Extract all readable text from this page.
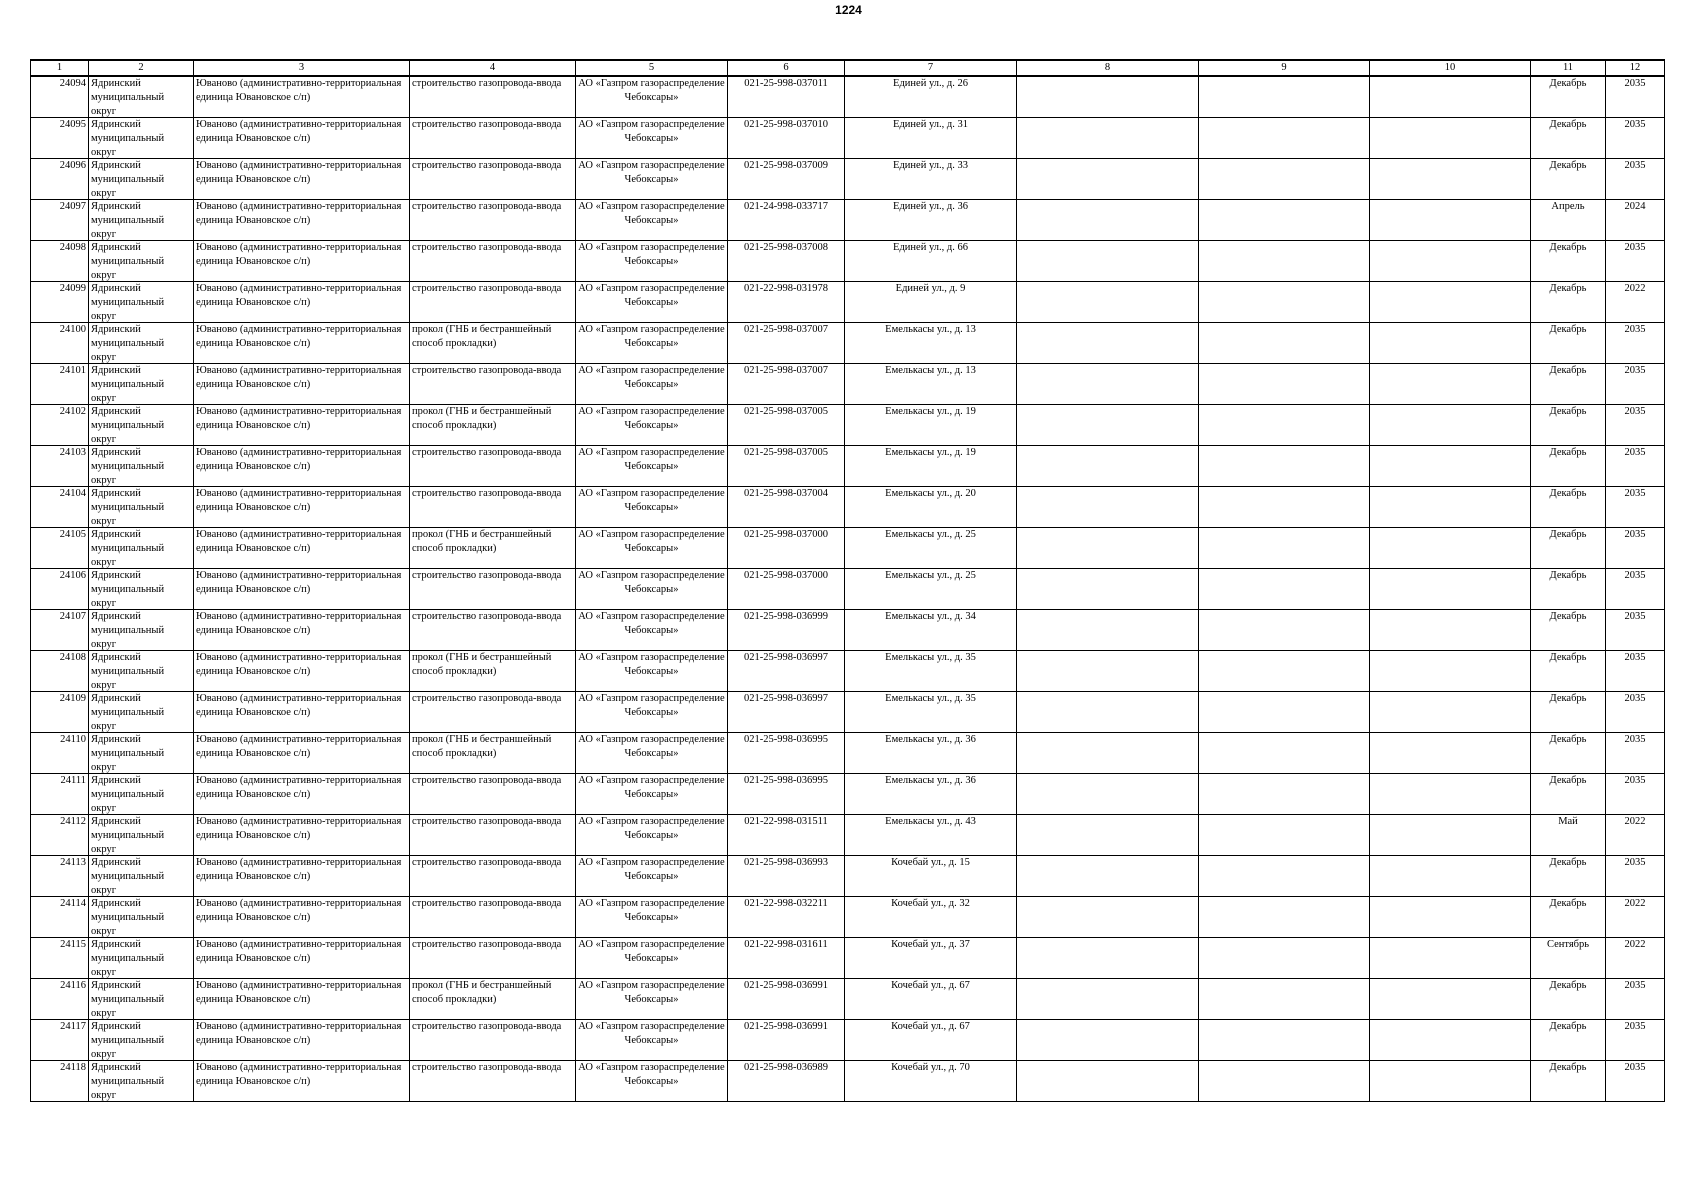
1224
1	2	3	4	5	6	7	8	9	10	11	12

24094	Ядринский муниципальный округ	Юваново (административно-территориальная единица Ювановское с/п)	строительство газопровода-ввода	АО «Газпром газораспределение Чебоксары»	021-25-998-037011	Единей ул., д. 26				Декабрь	2035

24095	Ядринский муниципальный округ	Юваново (административно-территориальная единица Ювановское с/п)	строительство газопровода-ввода	АО «Газпром газораспределение Чебоксары»	021-25-998-037010	Единей ул., д. 31				Декабрь	2035

24096	Ядринский муниципальный округ	Юваново (административно-территориальная единица Ювановское с/п)	строительство газопровода-ввода	АО «Газпром газораспределение Чебоксары»	021-25-998-037009	Единей ул., д. 33				Декабрь	2035

24097	Ядринский муниципальный округ	Юваново (административно-территориальная единица Ювановское с/п)	строительство газопровода-ввода	АО «Газпром газораспределение Чебоксары»	021-24-998-033717	Единей ул., д. 36				Апрель	2024

24098	Ядринский муниципальный округ	Юваново (административно-территориальная единица Ювановское с/п)	строительство газопровода-ввода	АО «Газпром газораспределение Чебоксары»	021-25-998-037008	Единей ул., д. 66				Декабрь	2035

24099	Ядринский муниципальный округ	Юваново (административно-территориальная единица Ювановское с/п)	строительство газопровода-ввода	АО «Газпром газораспределение Чебоксары»	021-22-998-031978	Единей ул., д. 9				Декабрь	2022

24100	Ядринский муниципальный округ	Юваново (административно-территориальная единица Ювановское с/п)	прокол (ГНБ и бестраншейный способ прокладки)	АО «Газпром газораспределение Чебоксары»	021-25-998-037007	Емелькасы ул., д. 13				Декабрь	2035

24101	Ядринский муниципальный округ	Юваново (административно-территориальная единица Ювановское с/п)	строительство газопровода-ввода	АО «Газпром газораспределение Чебоксары»	021-25-998-037007	Емелькасы ул., д. 13				Декабрь	2035

24102	Ядринский муниципальный округ	Юваново (административно-территориальная единица Ювановское с/п)	прокол (ГНБ и бестраншейный способ прокладки)	АО «Газпром газораспределение Чебоксары»	021-25-998-037005	Емелькасы ул., д. 19				Декабрь	2035

24103	Ядринский муниципальный округ	Юваново (административно-территориальная единица Ювановское с/п)	строительство газопровода-ввода	АО «Газпром газораспределение Чебоксары»	021-25-998-037005	Емелькасы ул., д. 19				Декабрь	2035

24104	Ядринский муниципальный округ	Юваново (административно-территориальная единица Ювановское с/п)	строительство газопровода-ввода	АО «Газпром газораспределение Чебоксары»	021-25-998-037004	Емелькасы ул., д. 20				Декабрь	2035

24105	Ядринский муниципальный округ	Юваново (административно-территориальная единица Ювановское с/п)	прокол (ГНБ и бестраншейный способ прокладки)	АО «Газпром газораспределение Чебоксары»	021-25-998-037000	Емелькасы ул., д. 25				Декабрь	2035

24106	Ядринский муниципальный округ	Юваново (административно-территориальная единица Ювановское с/п)	строительство газопровода-ввода	АО «Газпром газораспределение Чебоксары»	021-25-998-037000	Емелькасы ул., д. 25				Декабрь	2035

24107	Ядринский муниципальный округ	Юваново (административно-территориальная единица Ювановское с/п)	строительство газопровода-ввода	АО «Газпром газораспределение Чебоксары»	021-25-998-036999	Емелькасы ул., д. 34				Декабрь	2035

24108	Ядринский муниципальный округ	Юваново (административно-территориальная единица Ювановское с/п)	прокол (ГНБ и бестраншейный способ прокладки)	АО «Газпром газораспределение Чебоксары»	021-25-998-036997	Емелькасы ул., д. 35				Декабрь	2035

24109	Ядринский муниципальный округ	Юваново (административно-территориальная единица Ювановское с/п)	строительство газопровода-ввода	АО «Газпром газораспределение Чебоксары»	021-25-998-036997	Емелькасы ул., д. 35				Декабрь	2035

24110	Ядринский муниципальный округ	Юваново (административно-территориальная единица Ювановское с/п)	прокол (ГНБ и бестраншейный способ прокладки)	АО «Газпром газораспределение Чебоксары»	021-25-998-036995	Емелькасы ул., д. 36				Декабрь	2035

24111	Ядринский муниципальный округ	Юваново (административно-территориальная единица Ювановское с/п)	строительство газопровода-ввода	АО «Газпром газораспределение Чебоксары»	021-25-998-036995	Емелькасы ул., д. 36				Декабрь	2035

24112	Ядринский муниципальный округ	Юваново (административно-территориальная единица Ювановское с/п)	строительство газопровода-ввода	АО «Газпром газораспределение Чебоксары»	021-22-998-031511	Емелькасы ул., д. 43				Май	2022

24113	Ядринский муниципальный округ	Юваново (административно-территориальная единица Ювановское с/п)	строительство газопровода-ввода	АО «Газпром газораспределение Чебоксары»	021-25-998-036993	Кочебай ул., д. 15				Декабрь	2035

24114	Ядринский муниципальный округ	Юваново (административно-территориальная единица Ювановское с/п)	строительство газопровода-ввода	АО «Газпром газораспределение Чебоксары»	021-22-998-032211	Кочебай ул., д. 32				Декабрь	2022

24115	Ядринский муниципальный округ	Юваново (административно-территориальная единица Ювановское с/п)	строительство газопровода-ввода	АО «Газпром газораспределение Чебоксары»	021-22-998-031611	Кочебай ул., д. 37				Сентябрь	2022

24116	Ядринский муниципальный округ	Юваново (административно-территориальная единица Ювановское с/п)	прокол (ГНБ и бестраншейный способ прокладки)	АО «Газпром газораспределение Чебоксары»	021-25-998-036991	Кочебай ул., д. 67				Декабрь	2035

24117	Ядринский муниципальный округ	Юваново (административно-территориальная единица Ювановское с/п)	строительство газопровода-ввода	АО «Газпром газораспределение Чебоксары»	021-25-998-036991	Кочебай ул., д. 67				Декабрь	2035

24118	Ядринский муниципальный округ	Юваново (административно-территориальная единица Ювановское с/п)	строительство газопровода-ввода	АО «Газпром газораспределение Чебоксары»	021-25-998-036989	Кочебай ул., д. 70				Декабрь	2035
